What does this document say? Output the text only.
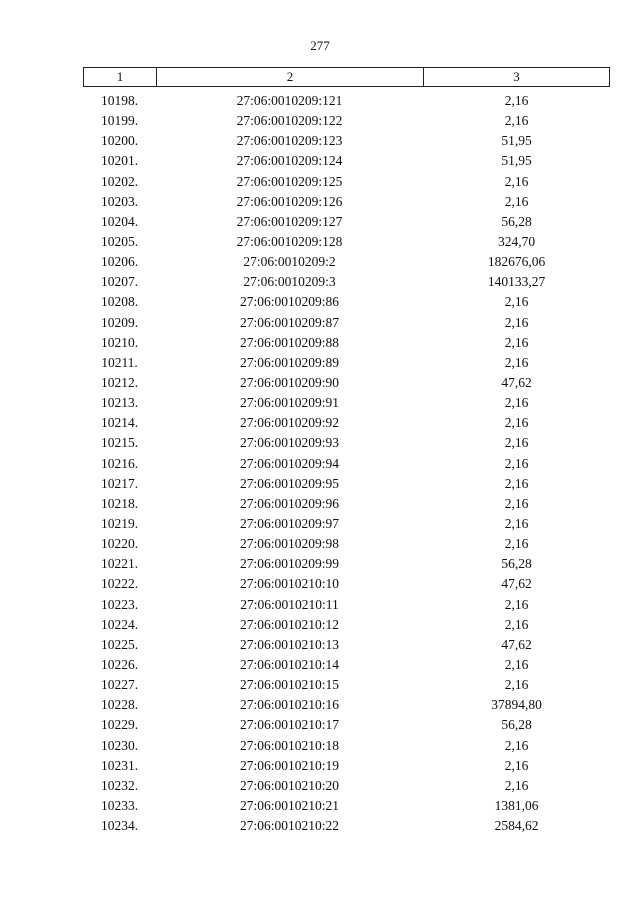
277
1	2	3
10198.	27:06:0010209:121	2,16
10199.	27:06:0010209:122	2,16
10200.	27:06:0010209:123	51,95
10201.	27:06:0010209:124	51,95
10202.	27:06:0010209:125	2,16
10203.	27:06:0010209:126	2,16
10204.	27:06:0010209:127	56,28
10205.	27:06:0010209:128	324,70
10206.	27:06:0010209:2	182676,06
10207.	27:06:0010209:3	140133,27
10208.	27:06:0010209:86	2,16
10209.	27:06:0010209:87	2,16
10210.	27:06:0010209:88	2,16
10211.	27:06:0010209:89	2,16
10212.	27:06:0010209:90	47,62
10213.	27:06:0010209:91	2,16
10214.	27:06:0010209:92	2,16
10215.	27:06:0010209:93	2,16
10216.	27:06:0010209:94	2,16
10217.	27:06:0010209:95	2,16
10218.	27:06:0010209:96	2,16
10219.	27:06:0010209:97	2,16
10220.	27:06:0010209:98	2,16
10221.	27:06:0010209:99	56,28
10222.	27:06:0010210:10	47,62
10223.	27:06:0010210:11	2,16
10224.	27:06:0010210:12	2,16
10225.	27:06:0010210:13	47,62
10226.	27:06:0010210:14	2,16
10227.	27:06:0010210:15	2,16
10228.	27:06:0010210:16	37894,80
10229.	27:06:0010210:17	56,28
10230.	27:06:0010210:18	2,16
10231.	27:06:0010210:19	2,16
10232.	27:06:0010210:20	2,16
10233.	27:06:0010210:21	1381,06
10234.	27:06:0010210:22	2584,62
